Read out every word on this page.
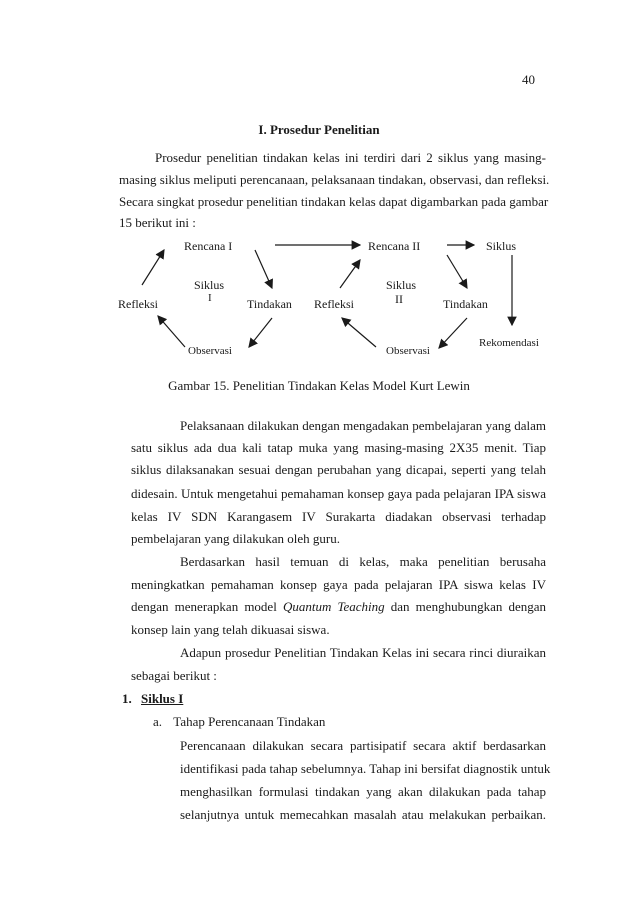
40
I. Prosedur Penelitian
Prosedur penelitian tindakan kelas ini terdiri dari 2 siklus yang masing-
masing siklus meliputi perencanaan, pelaksanaan tindakan, observasi, dan refleksi.
Secara singkat prosedur penelitian tindakan kelas dapat digambarkan pada gambar
15 berikut ini :
Rencana I
Siklus
I
Refleksi	Tindakan
Observasi
Rencana II
Siklus
II
Refleksi	Tindakan
Observasi
Siklus
Rekomendasi
Gambar 15. Penelitian Tindakan Kelas Model Kurt Lewin
Pelaksanaan dilakukan dengan mengadakan pembelajaran yang dalam
satu siklus ada dua kali tatap muka yang masing-masing 2X35 menit. Tiap
siklus dilaksanakan sesuai dengan perubahan yang dicapai, seperti yang telah
didesain. Untuk mengetahui pemahaman konsep gaya pada pelajaran IPA siswa
kelas IV SDN Karangasem IV Surakarta diadakan observasi terhadap
pembelajaran yang dilakukan oleh guru.
Berdasarkan hasil temuan di kelas, maka penelitian berusaha
meningkatkan pemahaman konsep gaya pada pelajaran IPA siswa kelas IV
dengan menerapkan model Quantum Teaching dan menghubungkan dengan
konsep lain yang telah dikuasai siswa.
Adapun prosedur Penelitian Tindakan Kelas ini secara rinci diuraikan
sebagai berikut :
1. Siklus I
a. Tahap Perencanaan Tindakan
Perencanaan dilakukan secara partisipatif secara aktif berdasarkan
identifikasi pada tahap sebelumnya. Tahap ini bersifat diagnostik untuk
menghasilkan formulasi tindakan yang akan dilakukan pada tahap
selanjutnya untuk memecahkan masalah atau melakukan perbaikan.
